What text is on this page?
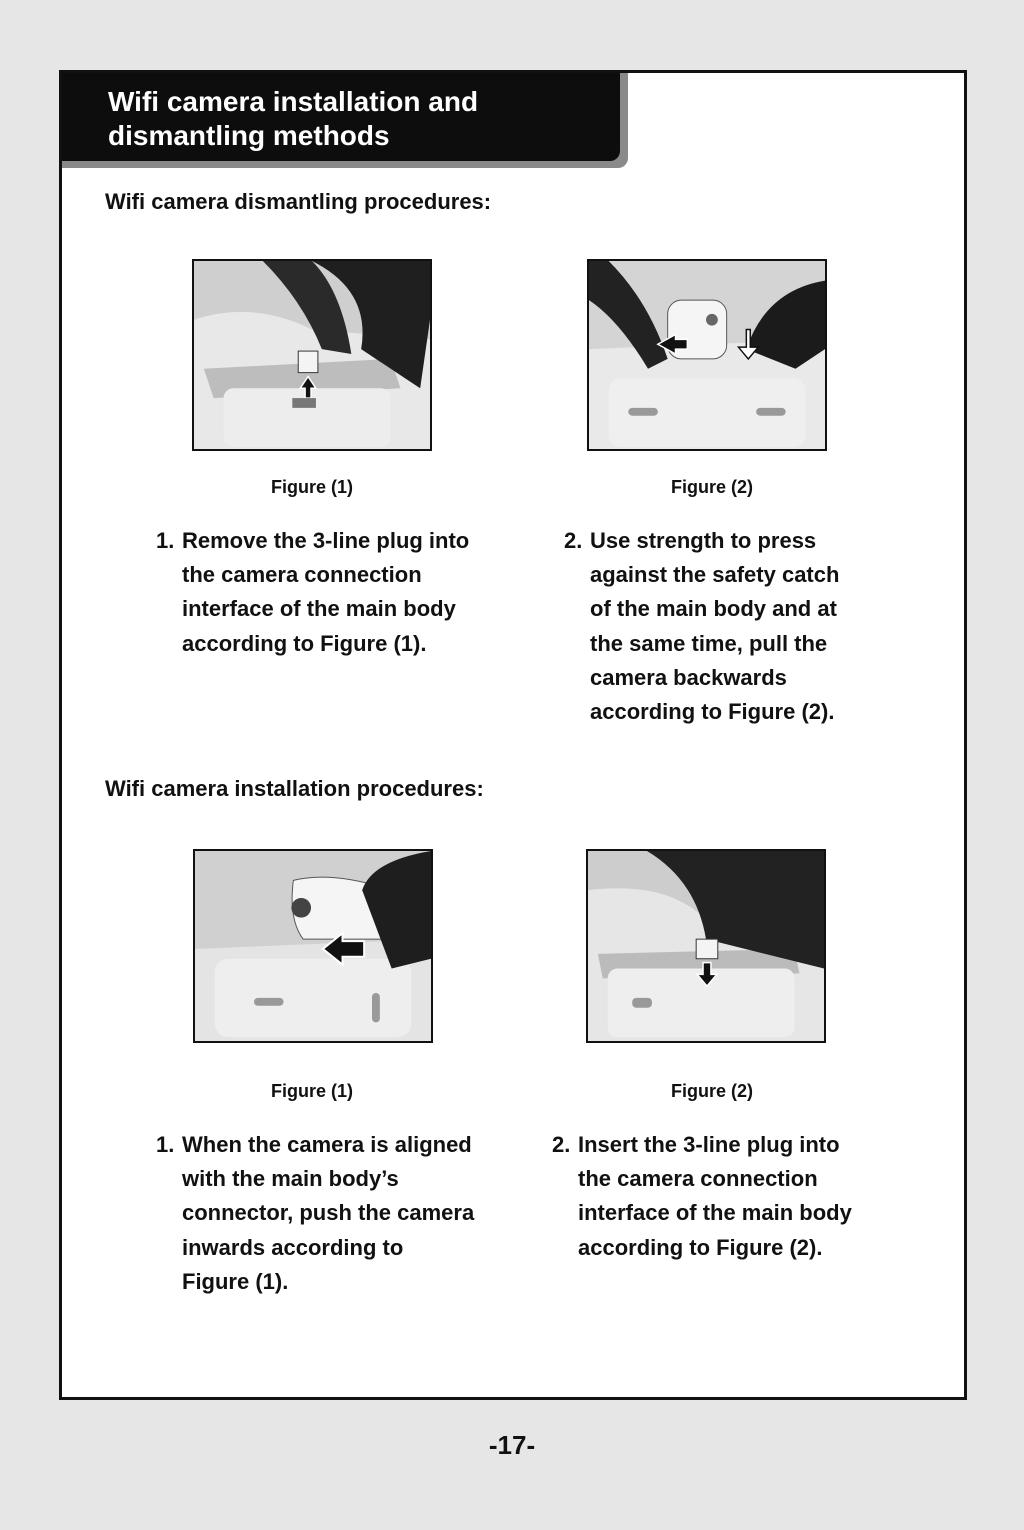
Wifi camera installation and
dismantling methods
Wifi camera dismantling procedures:

Figure (1)	Figure (2)

1. Remove the 3-line plug into
the camera connection
interface of the main body
according to Figure (1).
2. Use strength to press
against the safety catch
of the main body and at
the same time, pull the
camera backwards
according to Figure (2).
Wifi camera installation procedures:

Figure (1)	Figure (2)

1. When the camera is aligned
with the main body’s
connector, push the camera
inwards according to
Figure (1).
2. Insert the 3-line plug into
the camera connection
interface of the main body
according to Figure (2).

-17-
